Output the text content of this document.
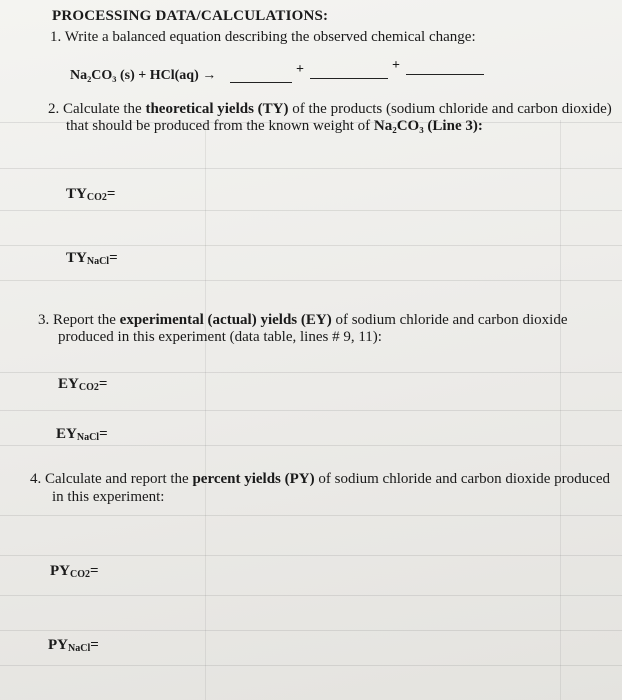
PROCESSING DATA/CALCULATIONS:
1. Write a balanced equation describing the observed chemical change:
Na₂CO₃ (s) + HCl(aq) →	+	+
2. Calculate the theoretical yields (TY) of the products (sodium chloride and carbon dioxide)
that should be produced from the known weight of Na₂CO₃ (Line 3):
$TY_{CO2}=$
$TY_{NaCl}=$
3. Report the experimental (actual) yields (EY) of sodium chloride and carbon dioxide
produced in this experiment (data table, lines # 9, 11):
$EY_{CO2}=$
$EY_{NaCl}=$
4. Calculate and report the percent yields (PY) of sodium chloride and carbon dioxide produced
in this experiment:
$PY_{CO2}=$
$PY_{NaCl}=$
